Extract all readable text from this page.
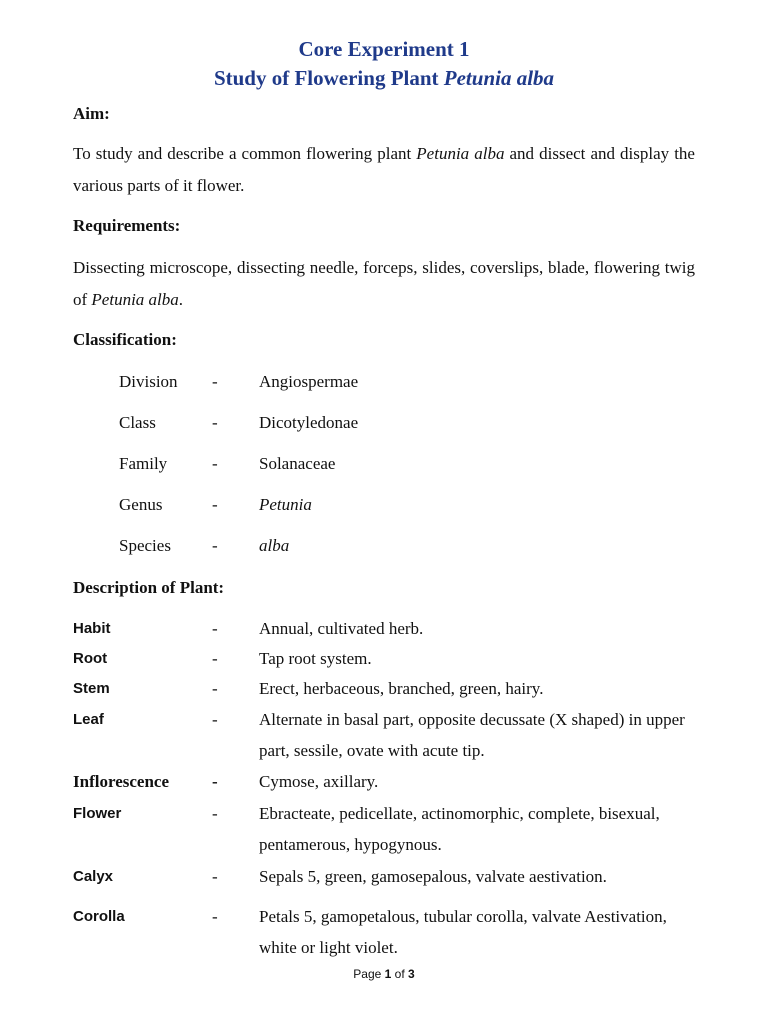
Core Experiment 1

Study of Flowering Plant Petunia alba

Aim:

To study and describe a common flowering plant Petunia alba and dissect and display the various parts of it flower.

Requirements:

Dissecting microscope, dissecting needle, forceps, slides, coverslips, blade, flowering twig of Petunia alba.

Classification:

Division - Angiospermae
Class	- Dicotyledonae
Family	- Solanaceae
Genus	- Petunia
Species - alba

Description of Plant:

Habit	- Annual, cultivated herb.
Root	- Tap root system.
Stem	- Erect, herbaceous, branched, green, hairy.
Leaf	- Alternate in basal part, opposite decussate (X shaped) in upper part, sessile, ovate with acute tip.
Inflorescence	- Cymose, axillary.
Flower	- Ebracteate, pedicellate, actinomorphic, complete, bisexual, pentamerous, hypogynous.
Calyx	- Sepals 5, green, gamosepalous, valvate aestivation.
Corolla	- Petals 5, gamopetalous, tubular corolla, valvate Aestivation, white or light violet.
Page 1 of 3
